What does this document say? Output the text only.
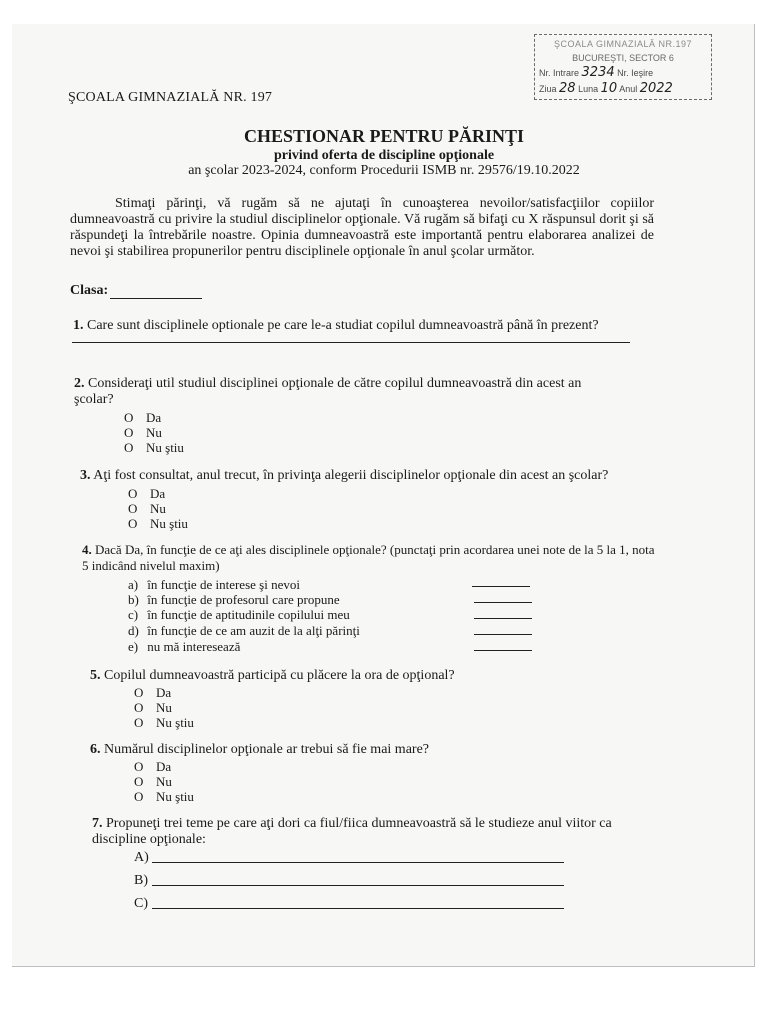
ŞCOALA GIMNAZIALĂ NR.197
BUCUREŞTI, SECTOR 6
Nr. Intrare 3234 Nr. Ieşire
Ziua 28 Luna 10 Anul 2022
ŞCOALA GIMNAZIALĂ NR. 197
CHESTIONAR PENTRU PĂRINŢI
privind oferta de discipline opţionale
an şcolar 2023-2024, conform Procedurii ISMB nr. 29576/19.10.2022
Stimaţi părinţi, vă rugăm să ne ajutaţi în cunoaşterea nevoilor/satisfacţiilor copiilor dumneavoastră cu privire la studiul disciplinelor opţionale. Vă rugăm să bifaţi cu X răspunsul dorit şi să răspundeţi la întrebările noastre. Opinia dumneavoastră este importantă pentru elaborarea analizei de nevoi şi stabilirea propunerilor pentru disciplinele opţionale în anul şcolar următor.
Clasa:
1. Care sunt disciplinele optionale pe care le-a studiat copilul dumneavoastră până în prezent?
2. Consideraţi util studiul disciplinei opţionale de către copilul dumneavoastră din acest an şcolar?
O Da
O Nu
O Nu ştiu
3. Aţi fost consultat, anul trecut, în privinţa alegerii disciplinelor opţionale din acest an şcolar?
O Da
O Nu
O Nu ştiu
4. Dacă Da, în funcţie de ce aţi ales disciplinele opţionale? (punctaţi prin acordarea unei note de la 5 la 1, nota 5 indicând nivelul maxim)
a) în funcţie de interese şi nevoi
b) în funcţie de profesorul care propune
c) în funcţie de aptitudinile copilului meu
d) în funcţie de ce am auzit de la alţi părinţi
e) nu mă interesează
5. Copilul dumneavoastră participă cu plăcere la ora de opţional?
O Da
O Nu
O Nu ştiu
6. Numărul disciplinelor opţionale ar trebui să fie mai mare?
O Da
O Nu
O Nu ştiu
7. Propuneţi trei teme pe care aţi dori ca fiul/fiica dumneavoastră să le studieze anul viitor ca discipline opţionale:
A)
B)
C)
